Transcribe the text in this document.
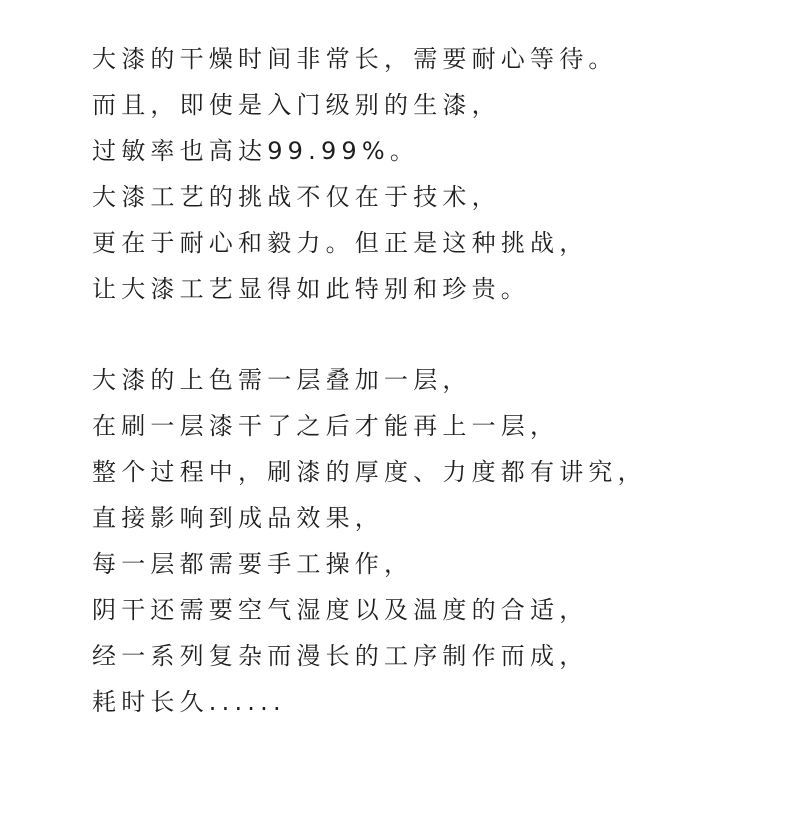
大漆的干燥时间非常长，需要耐心等待。
而且，即使是入门级别的生漆，
过敏率也高达99.99%。
大漆工艺的挑战不仅在于技术，
更在于耐心和毅力。但正是这种挑战，
让大漆工艺显得如此特别和珍贵。

大漆的上色需一层叠加一层，
在刷一层漆干了之后才能再上一层，
整个过程中，刷漆的厚度、力度都有讲究，
直接影响到成品效果，
每一层都需要手工操作，
阴干还需要空气湿度以及温度的合适，
经一系列复杂而漫长的工序制作而成，
耗时长久......
